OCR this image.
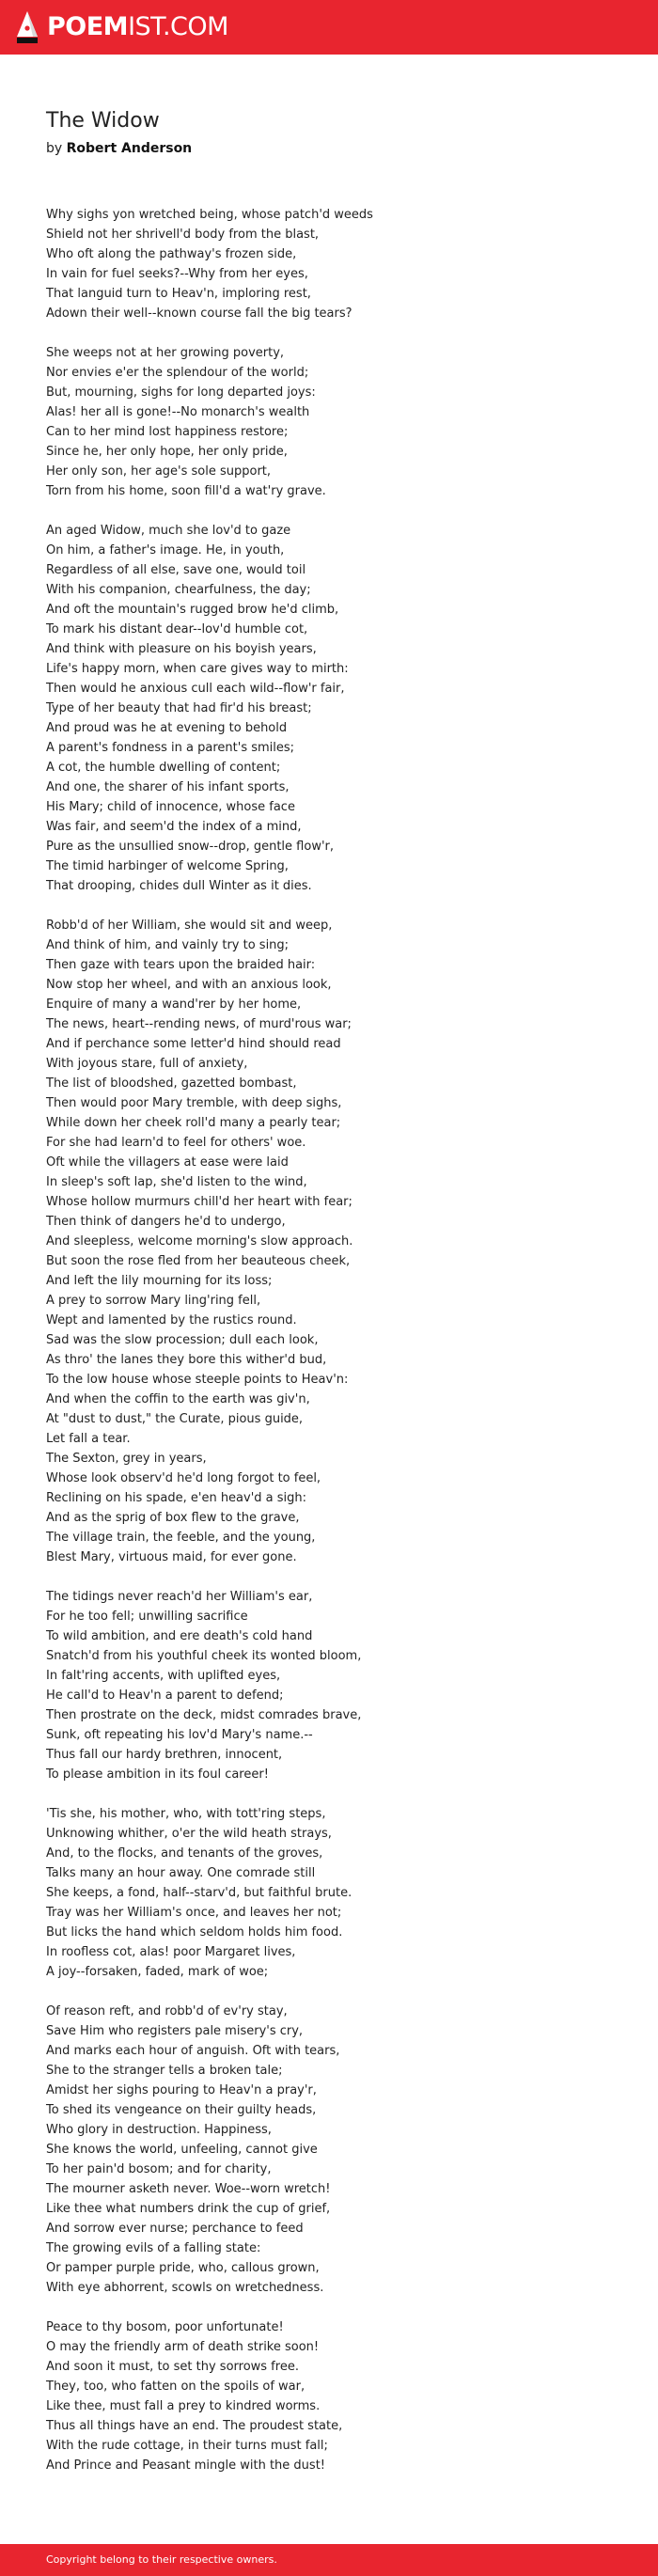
POEMIST.COM
The Widow
by Robert Anderson

Why sighs yon wretched being, whose patch'd weeds
Shield not her shrivell'd body from the blast,
Who oft along the pathway's frozen side,
In vain for fuel seeks?--Why from her eyes,
That languid turn to Heav'n, imploring rest,
Adown their well--known course fall the big tears?

She weeps not at her growing poverty,
Nor envies e'er the splendour of the world;
But, mourning, sighs for long departed joys:
Alas! her all is gone!--No monarch's wealth
Can to her mind lost happiness restore;
Since he, her only hope, her only pride,
Her only son, her age's sole support,
Torn from his home, soon fill'd a wat'ry grave.

An aged Widow, much she lov'd to gaze
On him, a father's image. He, in youth,
Regardless of all else, save one, would toil
With his companion, chearfulness, the day;
And oft the mountain's rugged brow he'd climb,
To mark his distant dear--lov'd humble cot,
And think with pleasure on his boyish years,
Life's happy morn, when care gives way to mirth:
Then would he anxious cull each wild--flow'r fair,
Type of her beauty that had fir'd his breast;
And proud was he at evening to behold
A parent's fondness in a parent's smiles;
A cot, the humble dwelling of content;
And one, the sharer of his infant sports,
His Mary; child of innocence, whose face
Was fair, and seem'd the index of a mind,
Pure as the unsullied snow--drop, gentle flow'r,
The timid harbinger of welcome Spring,
That drooping, chides dull Winter as it dies.

Robb'd of her William, she would sit and weep,
And think of him, and vainly try to sing;
Then gaze with tears upon the braided hair:
Now stop her wheel, and with an anxious look,
Enquire of many a wand'rer by her home,
The news, heart--rending news, of murd'rous war;
And if perchance some letter'd hind should read
With joyous stare, full of anxiety,
The list of bloodshed, gazetted bombast,
Then would poor Mary tremble, with deep sighs,
While down her cheek roll'd many a pearly tear;
For she had learn'd to feel for others' woe.
Oft while the villagers at ease were laid
In sleep's soft lap, she'd listen to the wind,
Whose hollow murmurs chill'd her heart with fear;
Then think of dangers he'd to undergo,
And sleepless, welcome morning's slow approach.
But soon the rose fled from her beauteous cheek,
And left the lily mourning for its loss;
A prey to sorrow Mary ling'ring fell,
Wept and lamented by the rustics round.
Sad was the slow procession; dull each look,
As thro' the lanes they bore this wither'd bud,
To the low house whose steeple points to Heav'n:
And when the coffin to the earth was giv'n,
At "dust to dust," the Curate, pious guide,
Let fall a tear.
The Sexton, grey in years,
Whose look observ'd he'd long forgot to feel,
Reclining on his spade, e'en heav'd a sigh:
And as the sprig of box flew to the grave,
The village train, the feeble, and the young,
Blest Mary, virtuous maid, for ever gone.

The tidings never reach'd her William's ear,
For he too fell; unwilling sacrifice
To wild ambition, and ere death's cold hand
Snatch'd from his youthful cheek its wonted bloom,
In falt'ring accents, with uplifted eyes,
He call'd to Heav'n a parent to defend;
Then prostrate on the deck, midst comrades brave,
Sunk, oft repeating his lov'd Mary's name.--
Thus fall our hardy brethren, innocent,
To please ambition in its foul career!

'Tis she, his mother, who, with tott'ring steps,
Unknowing whither, o'er the wild heath strays,
And, to the flocks, and tenants of the groves,
Talks many an hour away. One comrade still
She keeps, a fond, half--starv'd, but faithful brute.
Tray was her William's once, and leaves her not;
But licks the hand which seldom holds him food.
In roofless cot, alas! poor Margaret lives,
A joy--forsaken, faded, mark of woe;

Of reason reft, and robb'd of ev'ry stay,
Save Him who registers pale misery's cry,
And marks each hour of anguish. Oft with tears,
She to the stranger tells a broken tale;
Amidst her sighs pouring to Heav'n a pray'r,
To shed its vengeance on their guilty heads,
Who glory in destruction. Happiness,
She knows the world, unfeeling, cannot give
To her pain'd bosom; and for charity,
The mourner asketh never. Woe--worn wretch!
Like thee what numbers drink the cup of grief,
And sorrow ever nurse; perchance to feed
The growing evils of a falling state:
Or pamper purple pride, who, callous grown,
With eye abhorrent, scowls on wretchedness.

Peace to thy bosom, poor unfortunate!
O may the friendly arm of death strike soon!
And soon it must, to set thy sorrows free.
They, too, who fatten on the spoils of war,
Like thee, must fall a prey to kindred worms.
Thus all things have an end. The proudest state,
With the rude cottage, in their turns must fall;
And Prince and Peasant mingle with the dust!

Copyright belong to their respective owners.
